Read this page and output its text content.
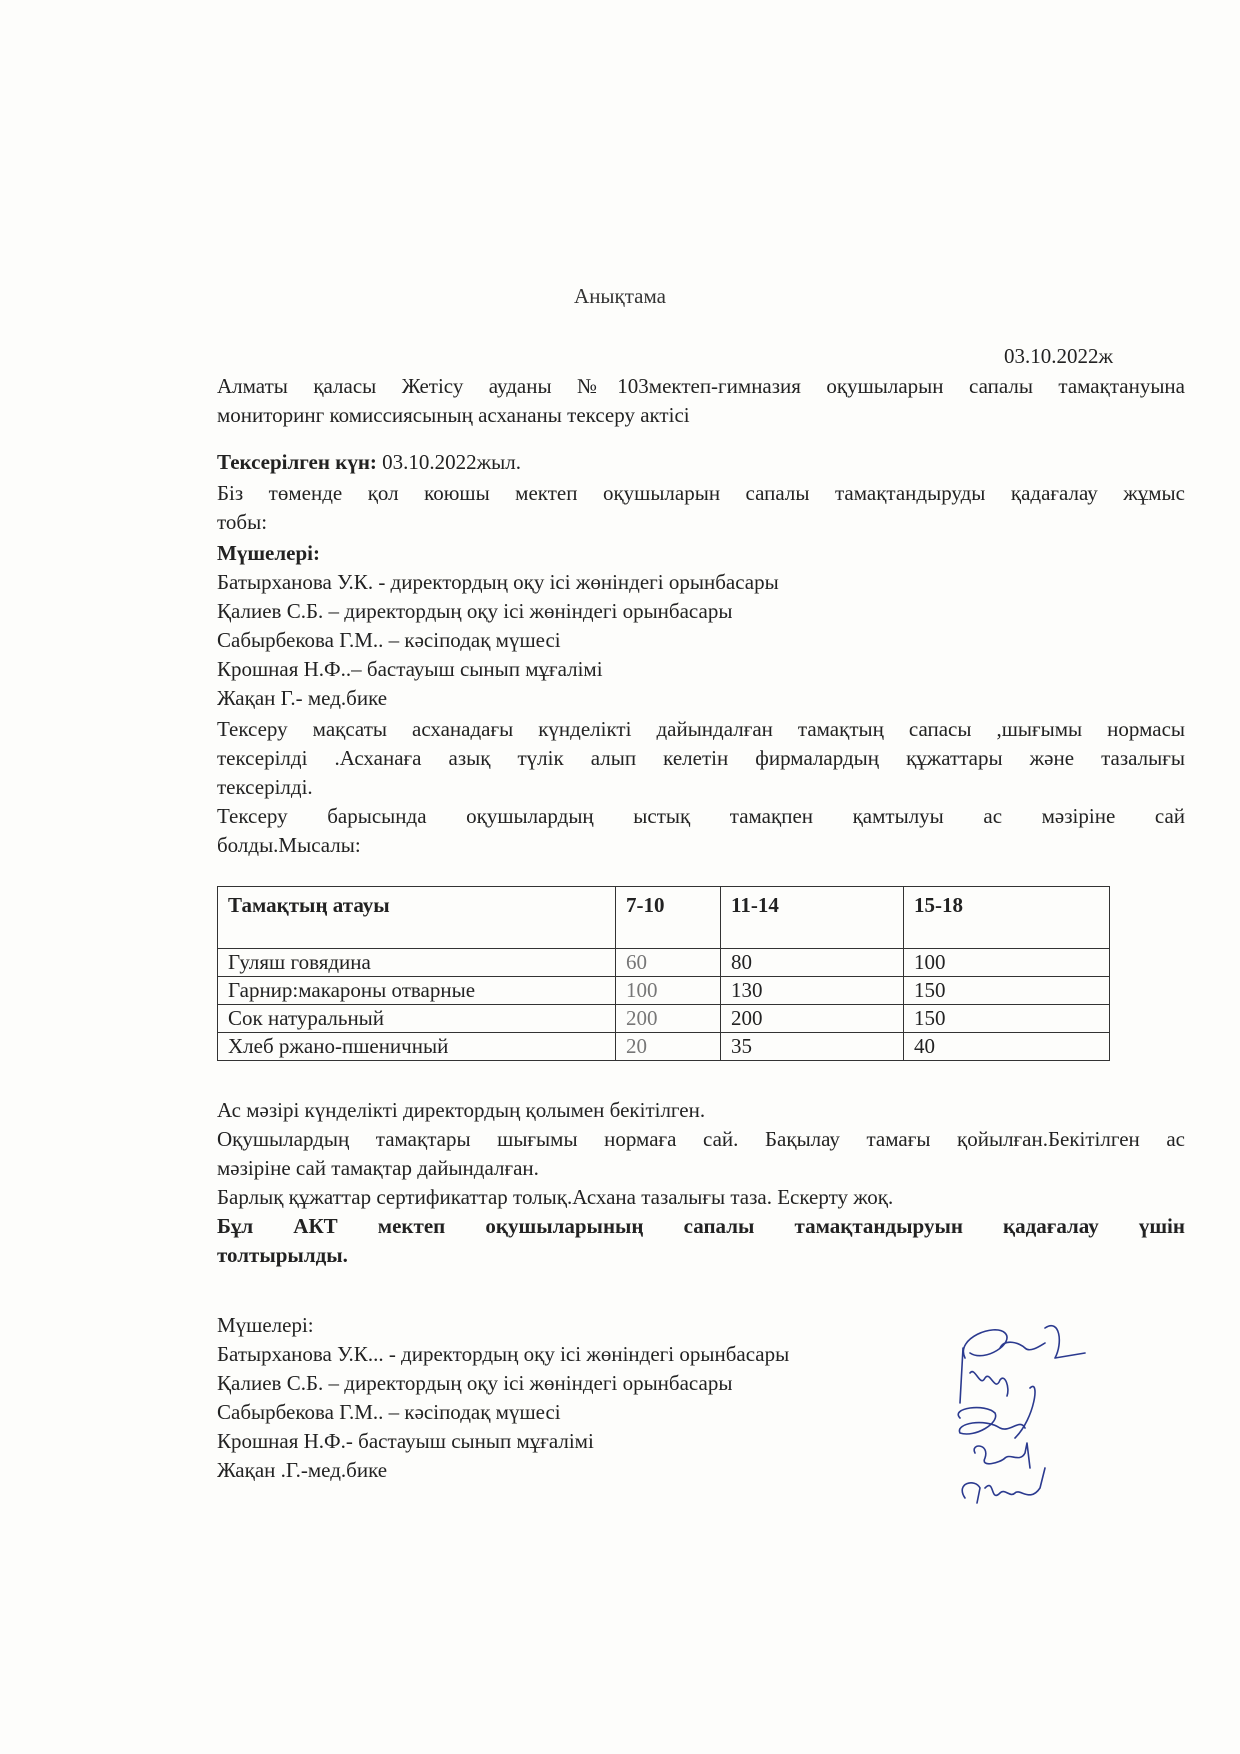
Анықтама
03.10.2022ж
Алматы қаласы Жетісу ауданы №103мектеп-гимназия оқушыларын сапалы тамақтануына
мониторинг комиссиясының асхананы тексеру актісі
Тексерілген күн: 03.10.2022жыл.
Біз төменде қол коюшы мектеп оқушыларын сапалы тамақтандыруды қадағалау жұмыс
тобы:
Мүшелері:
Батырханова У.К. - директордың оқу ісі жөніндегі орынбасары
Қалиев С.Б. – директордың оқу ісі жөніндегі орынбасары
Сабырбекова Г.М.. – кәсіподақ мүшесі
Крошная Н.Ф..– бастауыш сынып мұғалімі
Жақан Г.- мед.бике
Тексеру мақсаты асханадағы күнделікті дайындалған тамақтың сапасы ,шығымы нормасы
тексерілді .Асханаға азық түлік алып келетін фирмалардың құжаттары және тазалығы
тексерілді.
Тексеру барысында оқушылардың ыстық тамақпен қамтылуы ас мәзіріне сай
болды.Мысалы:
Тамақтың атауы	7-10	11-14	15-18
Гуляш говядина	60	80	100
Гарнир:макароны отварные	100	130	150
Сок натуральный	200	200	150
Хлеб ржано-пшеничный	20	35	40
Ас мәзірі күнделікті директордың қолымен бекітілген.
Оқушылардың тамақтары шығымы нормаға сай. Бақылау тамағы қойылған.Бекітілген ас
мәзіріне сай тамақтар дайындалған.
Барлық құжаттар сертификаттар толық.Асхана тазалығы таза. Ескерту жоқ.
Бұл АКТ мектеп оқушыларының сапалы тамақтандыруын қадағалау үшін
толтырылды.
Мүшелері:
Батырханова У.К... - директордың оқу ісі жөніндегі орынбасары
Қалиев С.Б. – директордың оқу ісі жөніндегі орынбасары
Сабырбекова Г.М.. – кәсіподақ мүшесі
Крошная Н.Ф.- бастауыш сынып мұғалімі
Жақан .Г.-мед.бике
